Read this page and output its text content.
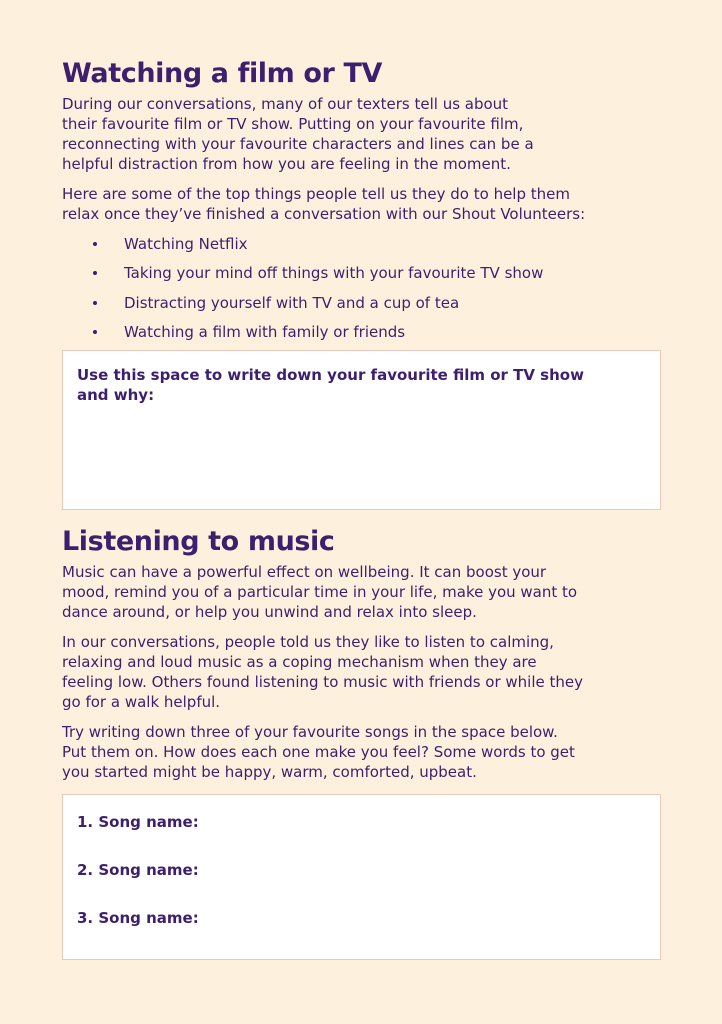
Watching a film or TV

During our conversations, many of our texters tell us about
their favourite film or TV show. Putting on your favourite film,
reconnecting with your favourite characters and lines can be a
helpful distraction from how you are feeling in the moment.

Here are some of the top things people tell us they do to help them
relax once they’ve finished a conversation with our Shout Volunteers:

Watching Netflix
Taking your mind off things with your favourite TV show
Distracting yourself with TV and a cup of tea
Watching a film with family or friends
Use this space to write down your favourite film or TV show
and why:
Listening to music

Music can have a powerful effect on wellbeing. It can boost your
mood, remind you of a particular time in your life, make you want to
dance around, or help you unwind and relax into sleep.

In our conversations, people told us they like to listen to calming,
relaxing and loud music as a coping mechanism when they are
feeling low. Others found listening to music with friends or while they
go for a walk helpful.

Try writing down three of your favourite songs in the space below.
Put them on. How does each one make you feel? Some words to get
you started might be happy, warm, comforted, upbeat.

1. Song name:
2. Song name:
3. Song name:
